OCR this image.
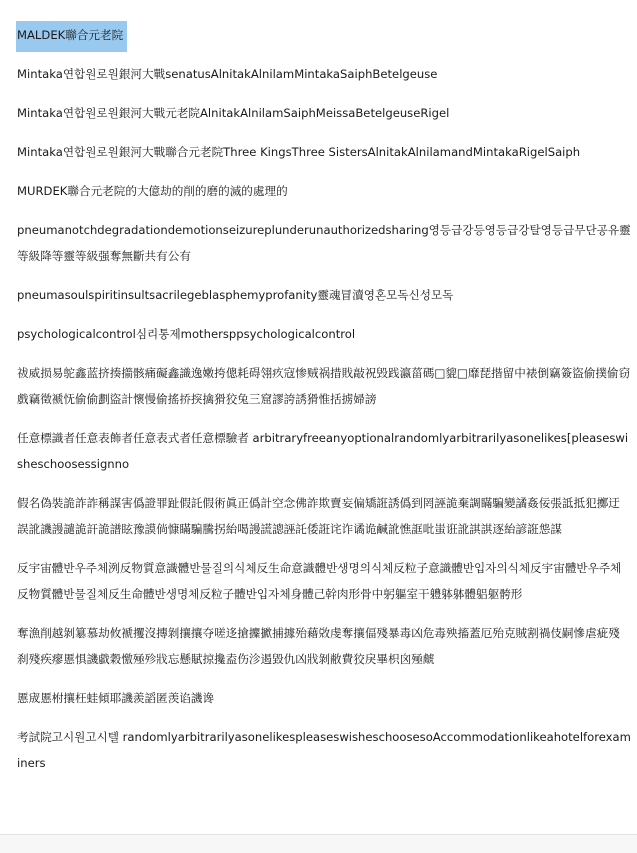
MALDEK聯合元老院

Mintaka연합원로원銀河大戰senatusAlnitakAlnilamMintakaSaiphBetelgeuse

Mintaka연합원로원銀河大戰元老院AlnitakAlnilamSaiphMeissaBetelgeuseRigel

Mintaka연합원로원銀河大戰聯合元老院Three KingsThree SistersAlnitakAlnilamandMintakaRigelSaiph

MURDEK聯合元老院的大億劫的削的磨的滅的處理的

pneumanotchdegradationdemotionseizureplunderunauthorizedsharing영등급강등영등급강탈영등급무단공유靈等級降等靈等級强奪無斷共有公有

pneumasoulspiritinsultsacrilegeblasphemyprofanity靈魂冒瀆영혼모독신성모독

psychologicalcontrol심리통제mothersppsychologicalcontrol

祓威损易鸵鑫蓝挤揍擶骸痛礙鑫識逸嫩挎傯耗碍翎疚寇惨贼祸措戝敲祝毁践瀛菑碼□貔□靡琵揩留中裱倒竊簽盜偷撲偷窃戲竊徵褫怃偷偷劃盜計懷慢偷搖挢揬擒猾狡兔三窟謬誇誘猾惟括掳婦謗

任意標識者任意表飾者任意表式者任意標驗者 arbitraryfreeanyoptionalrandomlyarbitrarilyasonelikes[pleaseswisheschoosessignno

假名偽裝詭詐詐稱謀害僞證罪趾假託假術眞正僞計空念佛詐欺賣妄偏矯誑誘僞到罔誣詭棄調瞞騙變譎姦佞張詆抵犯擲迂誤訛譏謾譴詭訐詭譜眩豫謨倘慷瞞騙騰拐紿喝謾謊謥誣託倭誑诧诈谲诡鹹訛憔誆吡蚩诳訛諆諆逐紿諺誑怹謀

反宇宙體반우주체洌反物質意識體반물질의식체反生命意識體반생명의식체反粒子意識體반입자의식체反宇宙體반우주체反物質體반물질체反生命體반생명체反粒子體반입자체身體己幹肉形骨中躬軀室干軆躰躰體躳躯骻形

奪漁削越剝簒慕劫攸褫攫沒摶剝攘攘夺嗟迻搶攈擨捕據殆藉敚虔奪攘偪殘暴毒凶危毒殃搐蓋厄殆克賊割禍伎嗣慘虐疵殘刹殘疾瘳慝惧譏戱穀憿殛殄戕忘懸賦掠攙盍伤沴遏毀仇凶戕剝敝費狡戾畢枳囟殛虤

慝宬慝柎攘枉蛙傾耶譏羨謟匿羡谄譏谗

考試院고시원고시텔 randomlyarbitrarilyasonelikespleaseswisheschoosesoAccommodationlikeahotelforexaminers
